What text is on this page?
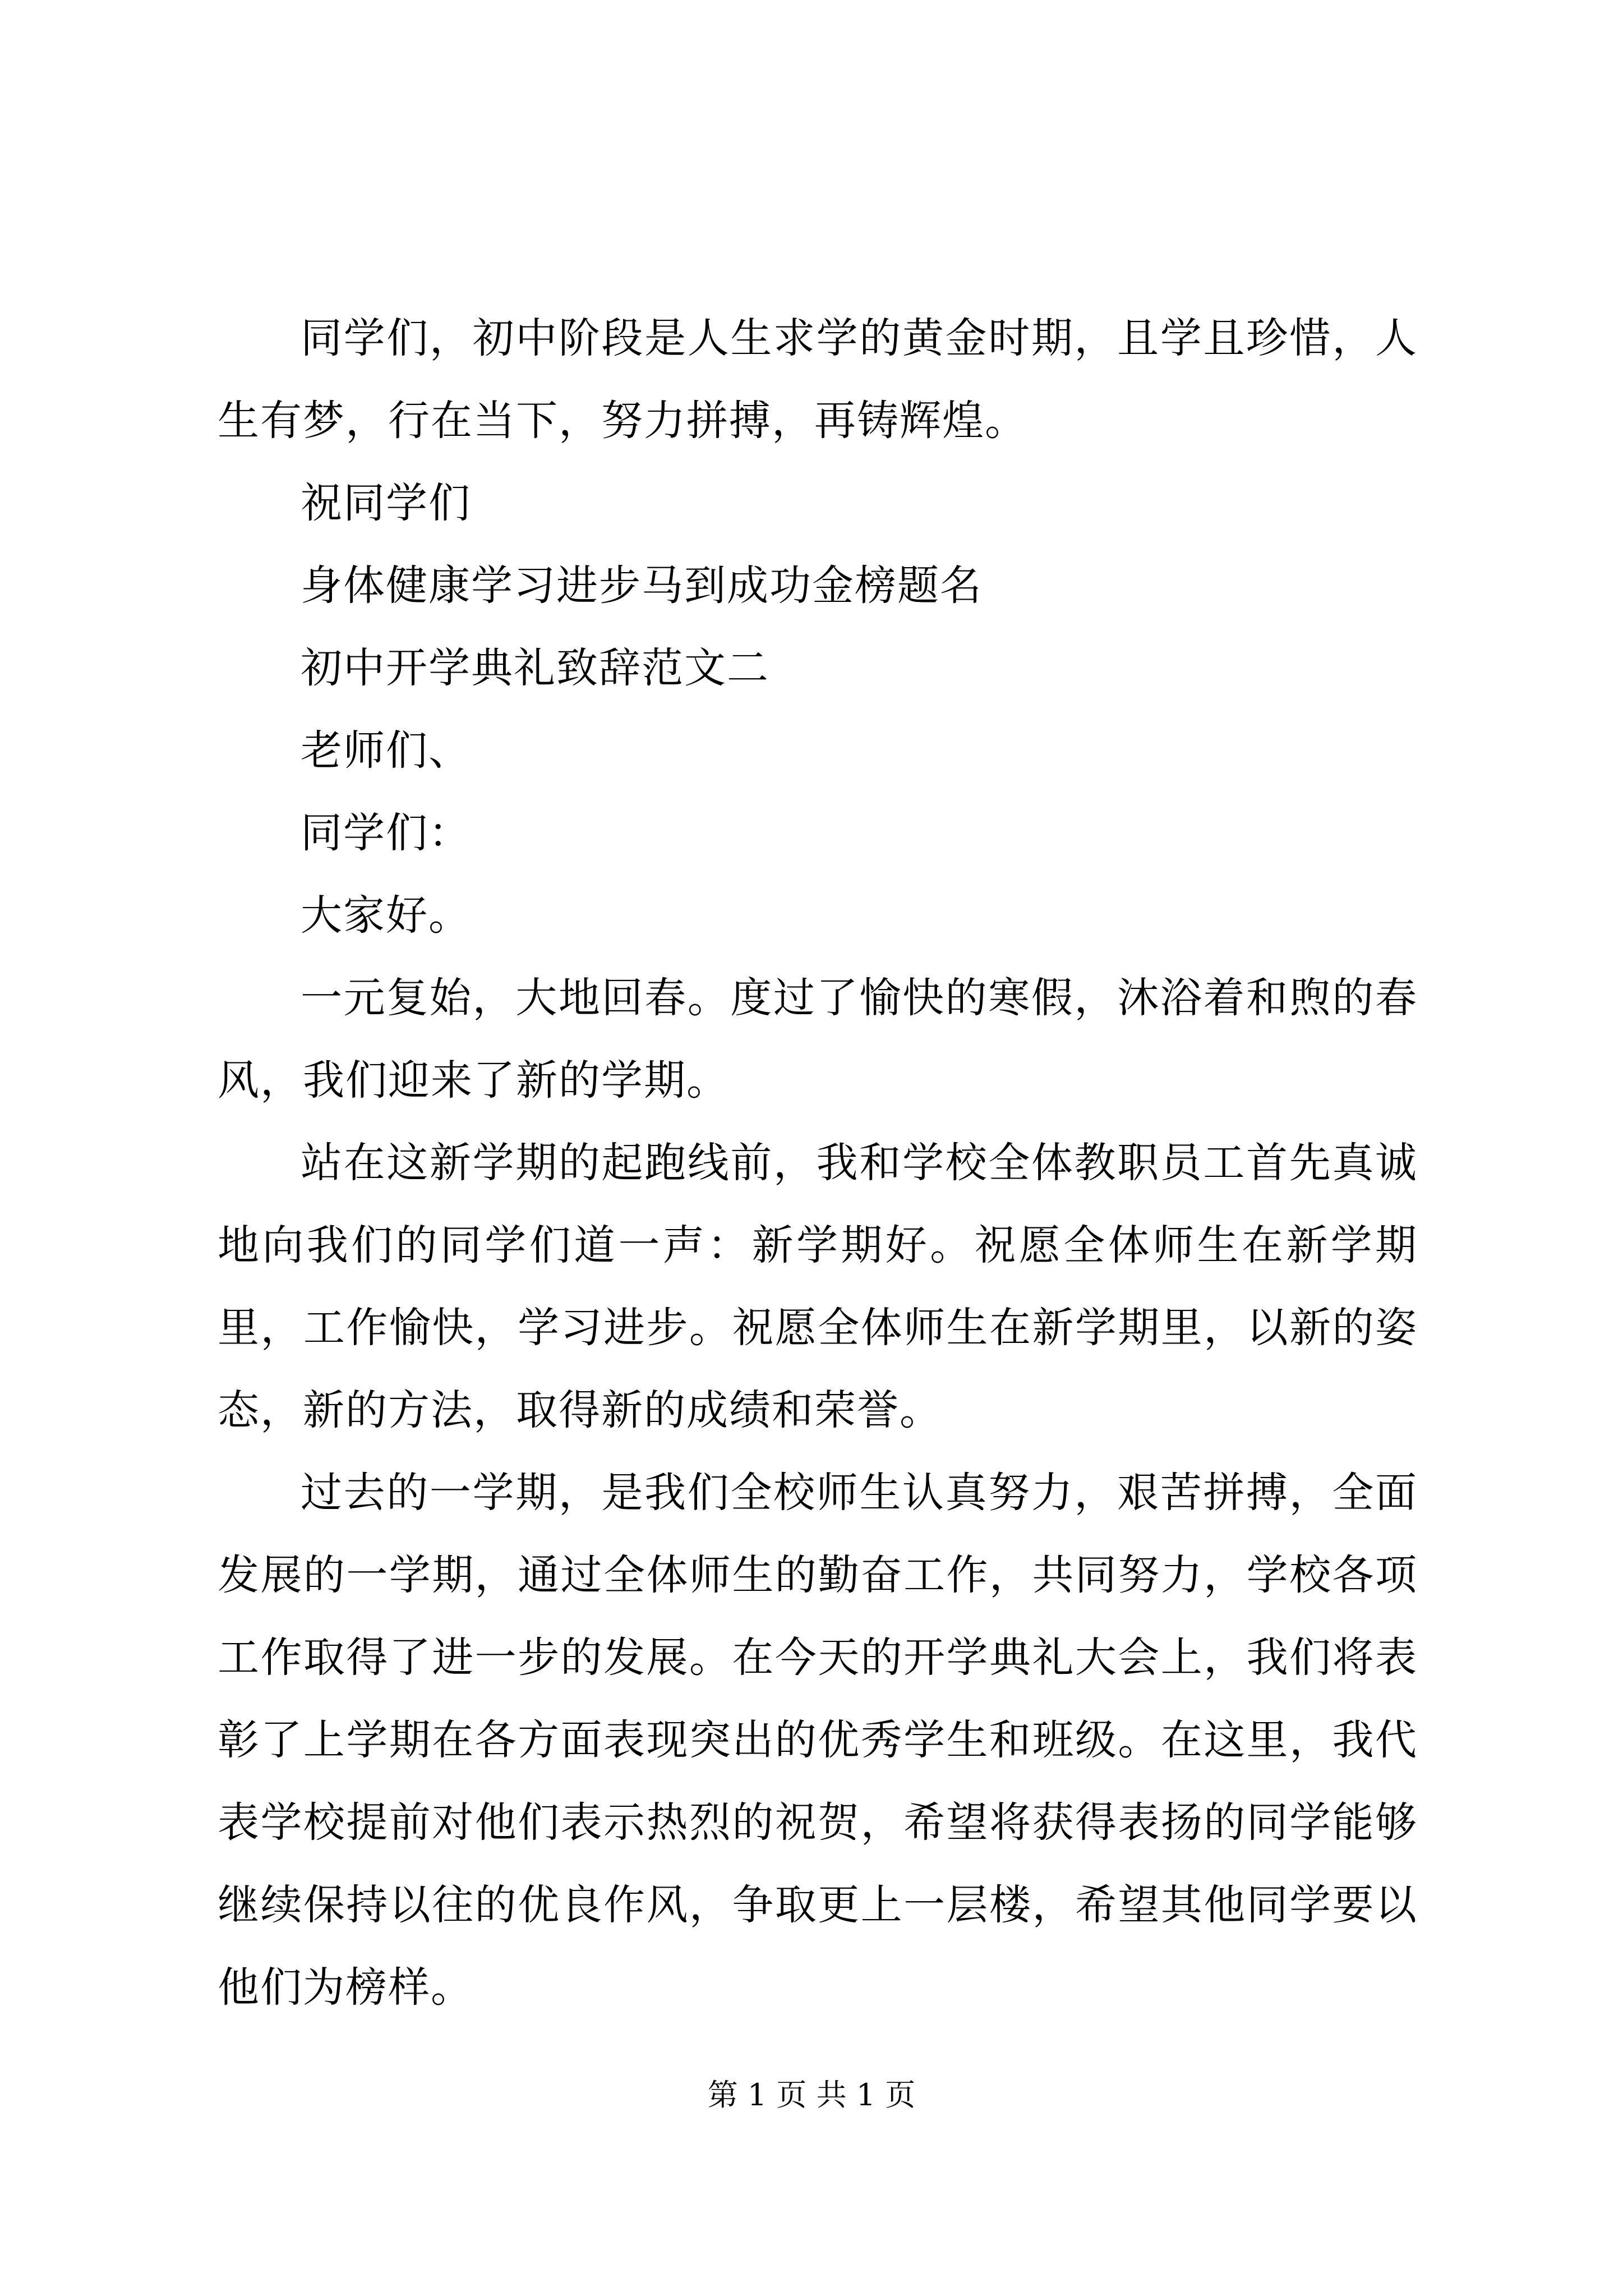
同学们，初中阶段是人生求学的黄金时期，且学且珍惜，人生有梦，行在当下，努力拼搏，再铸辉煌。

祝同学们

身体健康学习进步马到成功金榜题名

初中开学典礼致辞范文二

老师们、

同学们：

大家好。

一元复始，大地回春。度过了愉快的寒假，沐浴着和煦的春风，我们迎来了新的学期。

站在这新学期的起跑线前，我和学校全体教职员工首先真诚地向我们的同学们道一声：新学期好。祝愿全体师生在新学期里，工作愉快，学习进步。祝愿全体师生在新学期里，以新的姿态，新的方法，取得新的成绩和荣誉。

过去的一学期，是我们全校师生认真努力，艰苦拼搏，全面发展的一学期，通过全体师生的勤奋工作，共同努力，学校各项工作取得了进一步的发展。在今天的开学典礼大会上，我们将表彰了上学期在各方面表现突出的优秀学生和班级。在这里，我代表学校提前对他们表示热烈的祝贺，希望将获得表扬的同学能够继续保持以往的优良作风，争取更上一层楼，希望其他同学要以他们为榜样。

第 1 页 共 1 页
